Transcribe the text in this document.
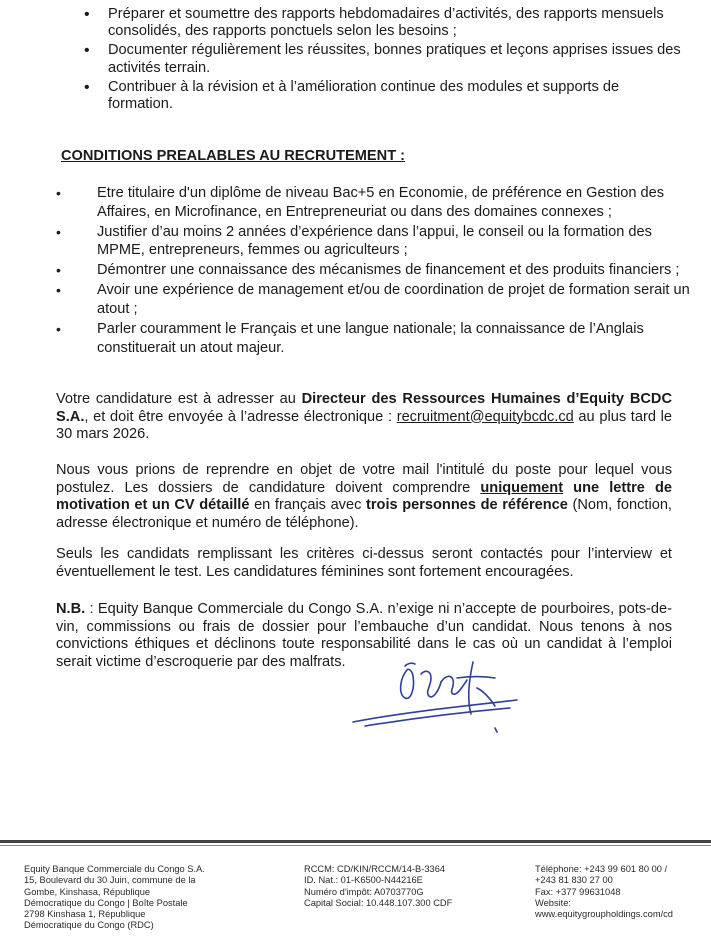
• Préparer et soumettre des rapports hebdomadaires d’activités, des rapports mensuels consolidés, des rapports ponctuels selon les besoins ;
• Documenter régulièrement les réussites, bonnes pratiques et leçons apprises issues des activités terrain.
• Contribuer à la révision et à l’amélioration continue des modules et supports de formation.
CONDITIONS PREALABLES AU RECRUTEMENT :
• Etre titulaire d'un diplôme de niveau Bac+5 en Economie, de préférence en Gestion des Affaires, en Microfinance, en Entrepreneuriat ou dans des domaines connexes ;
• Justifier d’au moins 2 années d’expérience dans l’appui, le conseil ou la formation des MPME, entrepreneurs, femmes ou agriculteurs ;
• Démontrer une connaissance des mécanismes de financement et des produits financiers ;
• Avoir une expérience de management et/ou de coordination de projet de formation serait un atout ;
• Parler couramment le Français et une langue nationale; la connaissance de l’Anglais constituerait un atout majeur.

Votre candidature est à adresser au Directeur des Ressources Humaines d’Equity BCDC S.A., et doit être envoyée à l’adresse électronique : recruitment@equitybcdc.cd au plus tard le 30 mars 2026.

Nous vous prions de reprendre en objet de votre mail l'intitulé du poste pour lequel vous postulez. Les dossiers de candidature doivent comprendre uniquement une lettre de motivation et un CV détaillé en français avec trois personnes de référence (Nom, fonction, adresse électronique et numéro de téléphone).

Seuls les candidats remplissant les critères ci-dessus seront contactés pour l’interview et éventuellement le test. Les candidatures féminines sont fortement encouragées.

N.B. : Equity Banque Commerciale du Congo S.A. n’exige ni n’accepte de pourboires, pots-de-vin, commissions ou frais de dossier pour l’embauche d’un candidat. Nous tenons à nos convictions éthiques et déclinons toute responsabilité dans le cas où un candidat à l’emploi serait victime d’escroquerie par des malfrats.

Equity Banque Commerciale du Congo S.A.
15, Boulevard du 30 Juin, commune de la
Gombe, Kinshasa, République
Démocratique du Congo | Boîte Postale
2798 Kinshasa 1, République
Démocratique du Congo (RDC)
RCCM: CD/KIN/RCCM/14-B-3364
ID. Nat.: 01-K6500-N44216E
Numéro d'impôt: A0703770G
Capital Social: 10.448.107.300 CDF
Téléphone: +243 99 601 80 00 /
+243 81 830 27 00
Fax: +377 99631048
Website:
www.equitygroupholdings.com/cd
